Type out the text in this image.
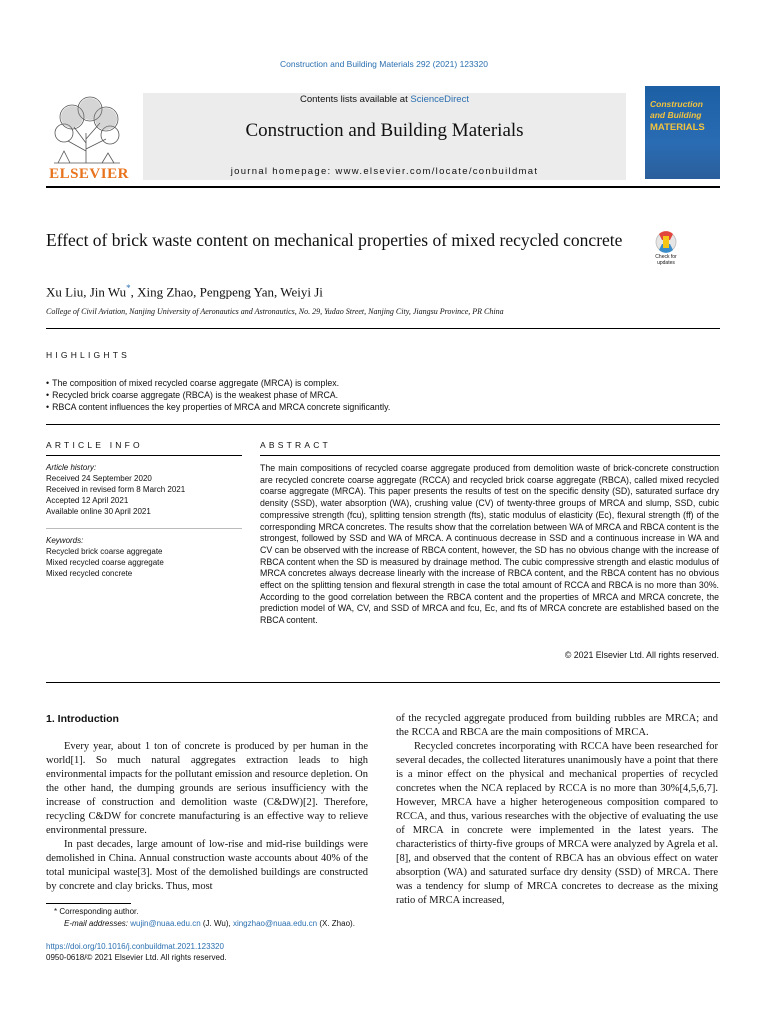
Construction and Building Materials 292 (2021) 123320
ELSEVIER
Contents lists available at ScienceDirect
Construction and Building Materials
journal homepage: www.elsevier.com/locate/conbuildmat
Construction and Building
MATERIALS
Effect of brick waste content on mechanical properties of mixed recycled concrete
Check for updates
Xu Liu, Jin Wu*, Xing Zhao, Pengpeng Yan, Weiyi Ji
College of Civil Aviation, Nanjing University of Aeronautics and Astronautics, No. 29, Yudao Street, Nanjing City, Jiangsu Province, PR China
HIGHLIGHTS
• The composition of mixed recycled coarse aggregate (MRCA) is complex.
• Recycled brick coarse aggregate (RBCA) is the weakest phase of MRCA.
• RBCA content influences the key properties of MRCA and MRCA concrete significantly.
ARTICLE INFO
Article history:
Received 24 September 2020
Received in revised form 8 March 2021
Accepted 12 April 2021
Available online 30 April 2021
Keywords:
Recycled brick coarse aggregate
Mixed recycled coarse aggregate
Mixed recycled concrete
ABSTRACT
The main compositions of recycled coarse aggregate produced from demolition waste of brick-concrete construction are recycled concrete coarse aggregate (RCCA) and recycled brick coarse aggregate (RBCA), called mixed recycled coarse aggregate (MRCA). This paper presents the results of test on the specific density (SD), saturated surface dry density (SSD), water absorption (WA), crushing value (CV) of twenty-three groups of MRCA and slump, SSD, cubic compressive strength (fcu), splitting tension strength (fts), static modulus of elasticity (Ec), flexural strength (ff) of the corresponding MRCA concretes. The results show that the correlation between WA of MRCA and RBCA content is the strongest, followed by SSD and WA of MRCA. A continuous decrease in SSD and a continuous increase in WA and CV can be observed with the increase of RBCA content, however, the SD has no obvious change with the increase of RBCA content when the SD is measured by drainage method. The cubic compressive strength and elastic modulus of MRCA concretes always decrease linearly with the increase of RBCA content, and the RBCA content has no obvious effect on the splitting tension and flexural strength in case the total amount of RCCA and RBCA is no more than 30%. According to the good correlation between the RBCA content and the properties of MRCA and MRCA concrete, the prediction model of WA, CV, and SSD of MRCA and fcu, Ec, and fts of MRCA concrete are established based on the RBCA content.
© 2021 Elsevier Ltd. All rights reserved.
1. Introduction

Every year, about 1 ton of concrete is produced by per human in the world[1]. So much natural aggregates extraction leads to high environmental impacts for the pollutant emission and resource depletion. On the other hand, the dumping grounds are serious insufficiency with the increase of construction and demolition waste (C&DW)[2]. Therefore, recycling C&DW for concrete manufacturing is an effective way to relieve environmental pressure.

In past decades, large amount of low-rise and mid-rise buildings were demolished in China. Annual construction waste accounts about 40% of the total municipal waste[3]. Most of the demolished buildings are constructed by concrete and clay bricks. Thus, most

of the recycled aggregate produced from building rubbles are MRCA; and the RCCA and RBCA are the main compositions of MRCA.

Recycled concretes incorporating with RCCA have been researched for several decades, the collected literatures unanimously have a point that there is a minor effect on the physical and mechanical properties of recycled concretes when the NCA replaced by RCCA is no more than 30%[4,5,6,7]. However, MRCA have a higher heterogeneous composition compared to RCCA, and thus, various researches with the objective of evaluating the use of MRCA in concrete were implemented in the latest years. The characteristics of thirty-five groups of MRCA were analyzed by Agrela et al.[8], and observed that the content of RBCA has an obvious effect on water absorption (WA) and saturated surface dry density (SSD) of MRCA. There was a tendency for slump of MRCA concretes to decrease as the mixing ratio of MRCA increased,

* Corresponding author.
E-mail addresses: wujin@nuaa.edu.cn (J. Wu), xingzhao@nuaa.edu.cn (X. Zhao).
https://doi.org/10.1016/j.conbuildmat.2021.123320
0950-0618/© 2021 Elsevier Ltd. All rights reserved.
